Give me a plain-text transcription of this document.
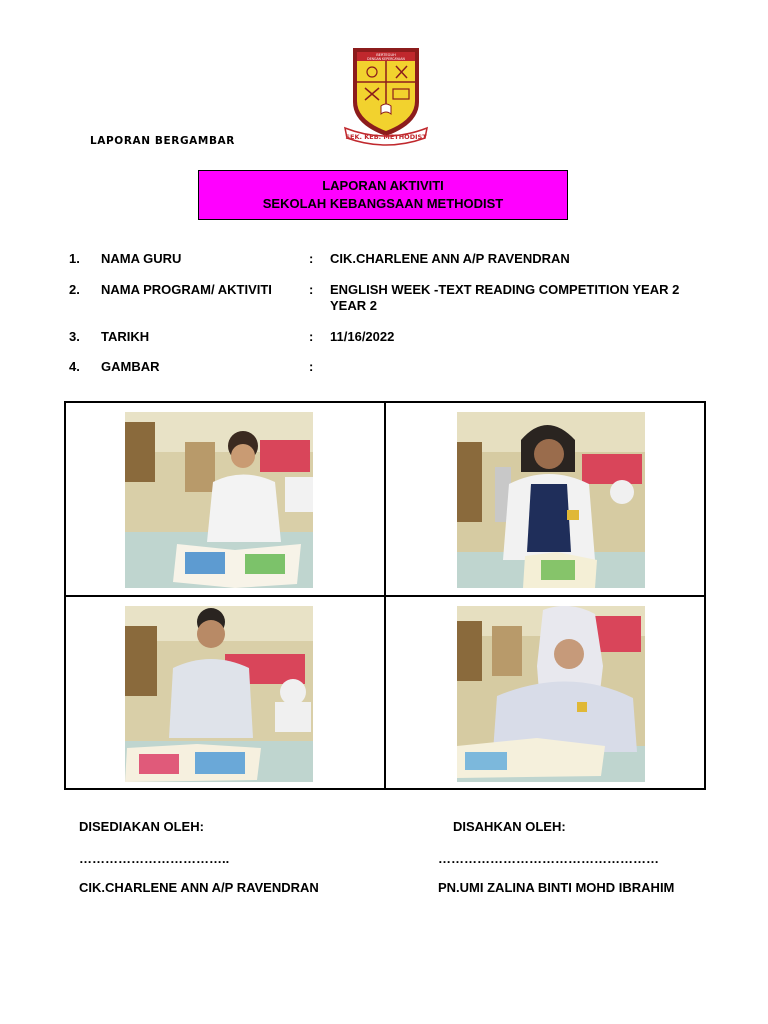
BERTEGUH
DENGAN KEPERCAYAAN
SEK. KEB. METHODIST
LAPORAN BERGAMBAR
LAPORAN AKTIVITI
SEKOLAH KEBANGSAAN METHODIST
1. NAMA GURU	: CIK.CHARLENE ANN A/P RAVENDRAN
2. NAMA PROGRAM/ AKTIVITI	: ENGLISH WEEK -TEXT READING COMPETITION YEAR 2 YEAR 2
3. TARIKH	: 11/16/2022
4. GAMBAR	:
DISEDIAKAN OLEH:	DISAHKAN OLEH:
……………………………..	……………………………………………
CIK.CHARLENE ANN A/P RAVENDRAN	PN.UMI ZALINA BINTI MOHD IBRAHIM
